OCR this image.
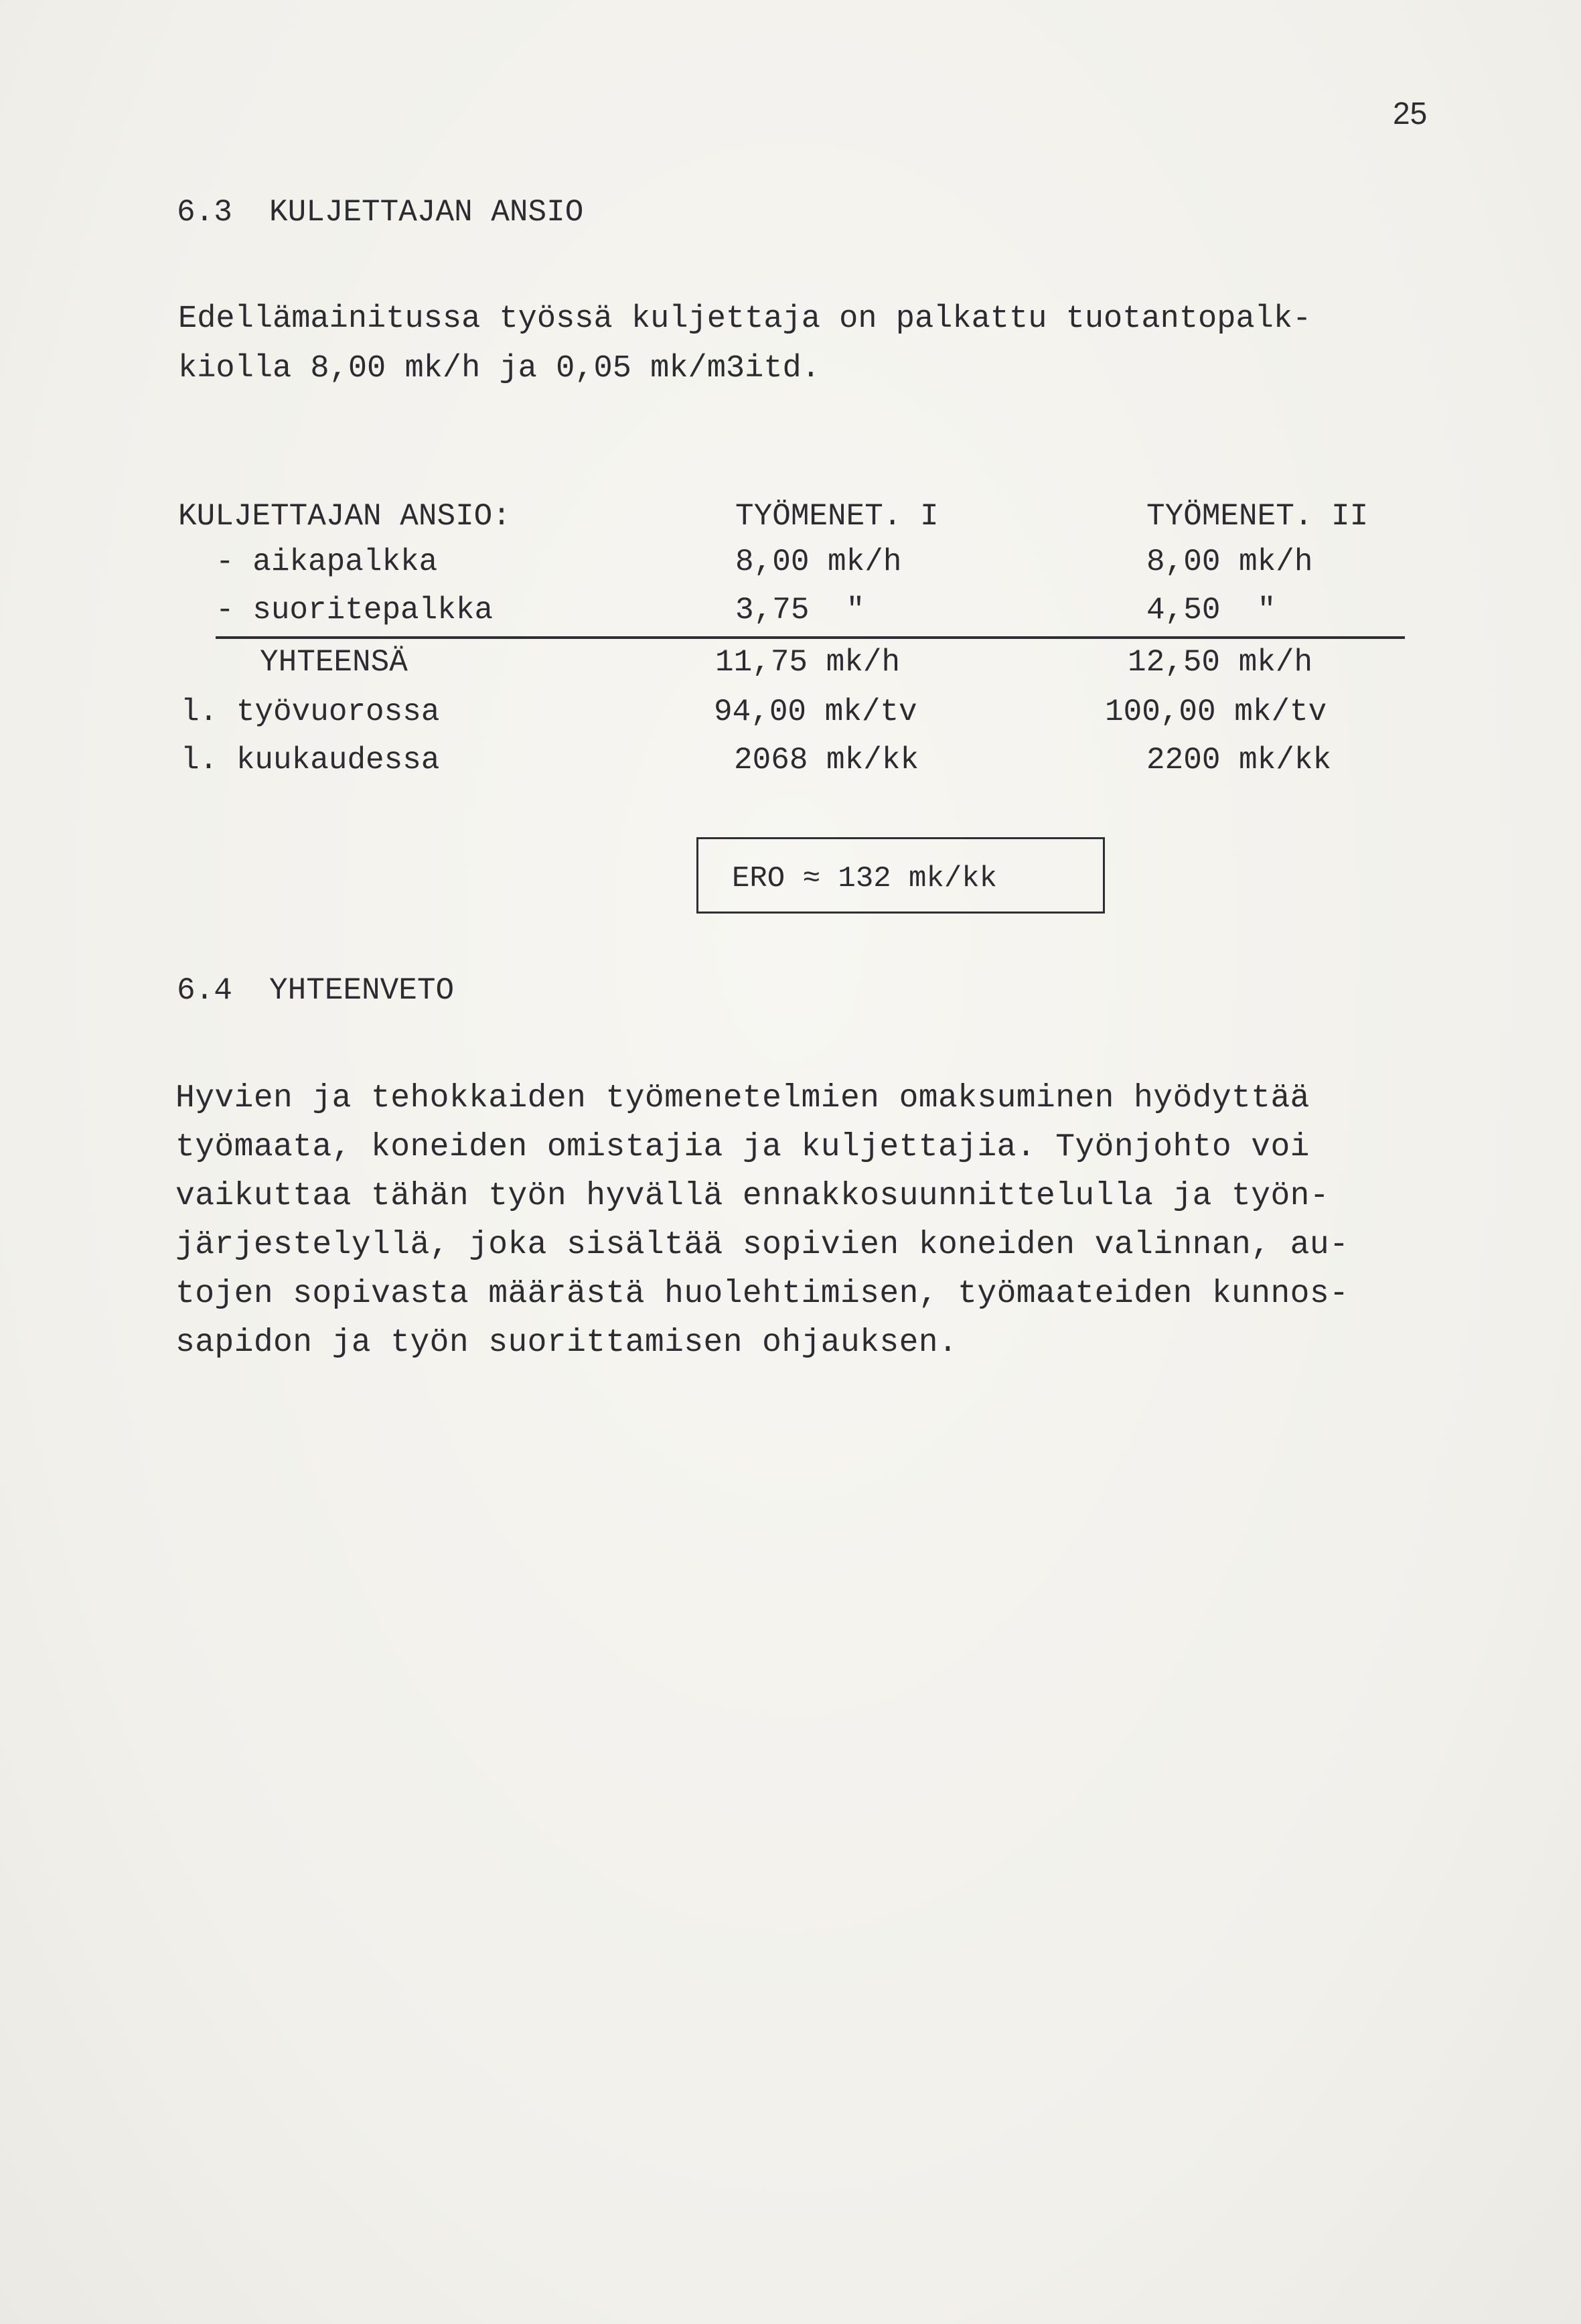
25
6.3  KULJETTAJAN ANSIO
Edellämainitussa työssä kuljettaja on palkattu tuotantopalk-
kiolla 8,00 mk/h ja 0,05 mk/m3itd.
KULJETTAJAN ANSIO:	TYÖMENET. I	TYÖMENET. II
- aikapalkka	8,00 mk/h	8,00 mk/h
- suoritepalkka	3,75  "	4,50  "
YHTEENSÄ	11,75 mk/h	12,50 mk/h
l. työvuorossa	94,00 mk/tv	100,00 mk/tv
l. kuukaudessa	2068 mk/kk	2200 mk/kk
ERO ≈ 132 mk/kk
6.4  YHTEENVETO
Hyvien ja tehokkaiden työmenetelmien omaksuminen hyödyttää
työmaata, koneiden omistajia ja kuljettajia. Työnjohto voi
vaikuttaa tähän työn hyvällä ennakkosuunnittelulla ja työn-
järjestelyllä, joka sisältää sopivien koneiden valinnan, au-
tojen sopivasta määrästä huolehtimisen, työmaateiden kunnos-
sapidon ja työn suorittamisen ohjauksen.
